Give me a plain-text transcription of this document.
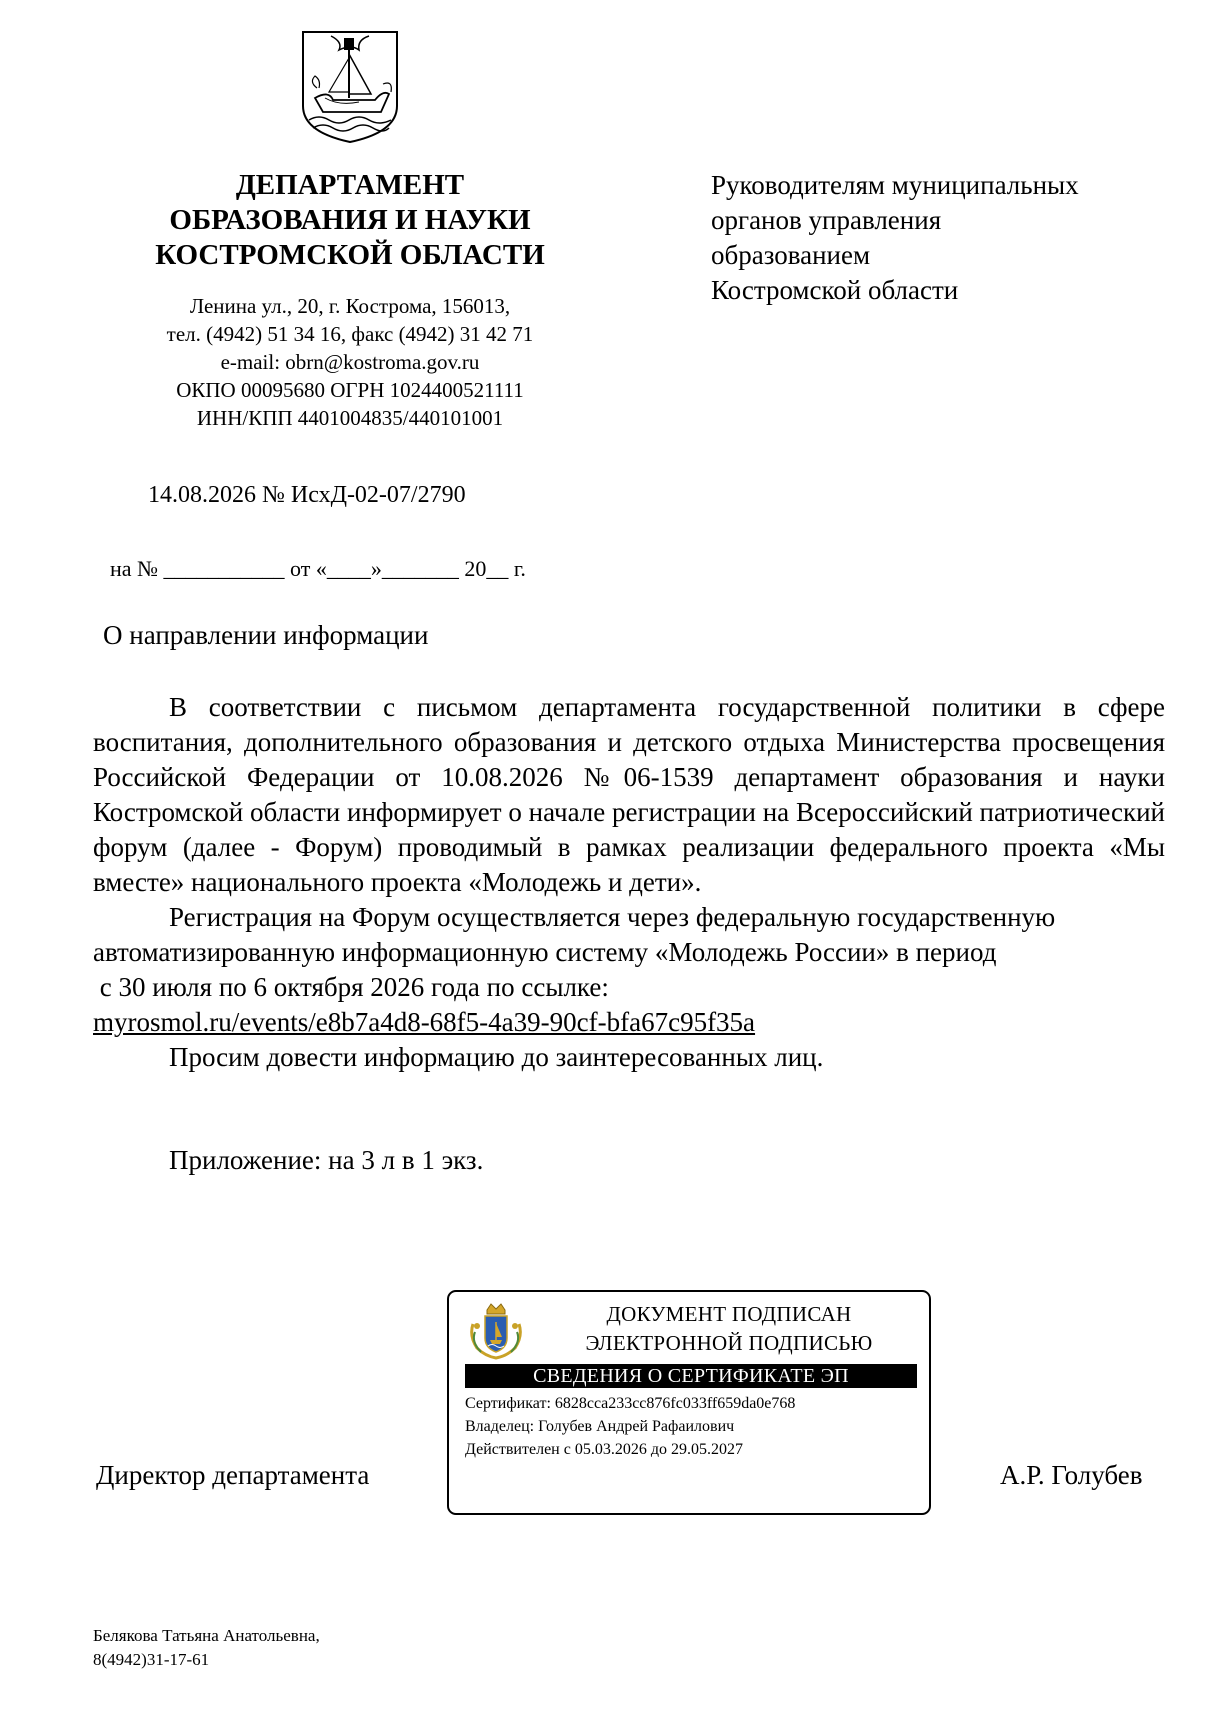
ДЕПАРТАМЕНТ
ОБРАЗОВАНИЯ И НАУКИ
КОСТРОМСКОЙ ОБЛАСТИ
Ленина ул., 20, г. Кострома, 156013,
тел. (4942) 51 34 16, факс (4942) 31 42 71
e-mail: obrn@kostroma.gov.ru
ОКПО 00095680 ОГРН 1024400521111
ИНН/КПП 4401004835/440101001
Руководителям муниципальных
органов управления
образованием
Костромской области
14.08.2026 № ИсхД-02-07/2790
на № ___________ от «____»_______ 20__ г.
О направлении информации

В соответствии с письмом департамента государственной политики в сфере воспитания, дополнительного образования и детского отдыха Министерства просвещения Российской Федерации от 10.08.2026 №06-1539 департамент образования и науки Костромской области информирует о начале регистрации на Всероссийский патриотический форум (далее - Форум) проводимый в рамках реализации федерального проекта «Мы вместе» национального проекта «Молодежь и дети».

Регистрация на Форум осуществляется через федеральную государственную

автоматизированную информационную систему «Молодежь России» в период

с 30 июля по 6 октября 2026 года по ссылке:

myrosmol.ru/events/e8b7a4d8-68f5-4a39-90cf-bfa67c95f35a

Просим довести информацию до заинтересованных лиц.

Приложение: на 3 л в 1 экз.
ДОКУМЕНТ ПОДПИСАН
ЭЛЕКТРОННОЙ ПОДПИСЬЮ
СВЕДЕНИЯ О СЕРТИФИКАТЕ ЭП
Сертификат: 6828cca233cc876fc033ff659da0e768
Владелец: Голубев Андрей Рафаилович
Действителен с 05.03.2026 до 29.05.2027
Директор департамента	А.Р. Голубев
Белякова Татьяна Анатольевна,
8(4942)31-17-61
